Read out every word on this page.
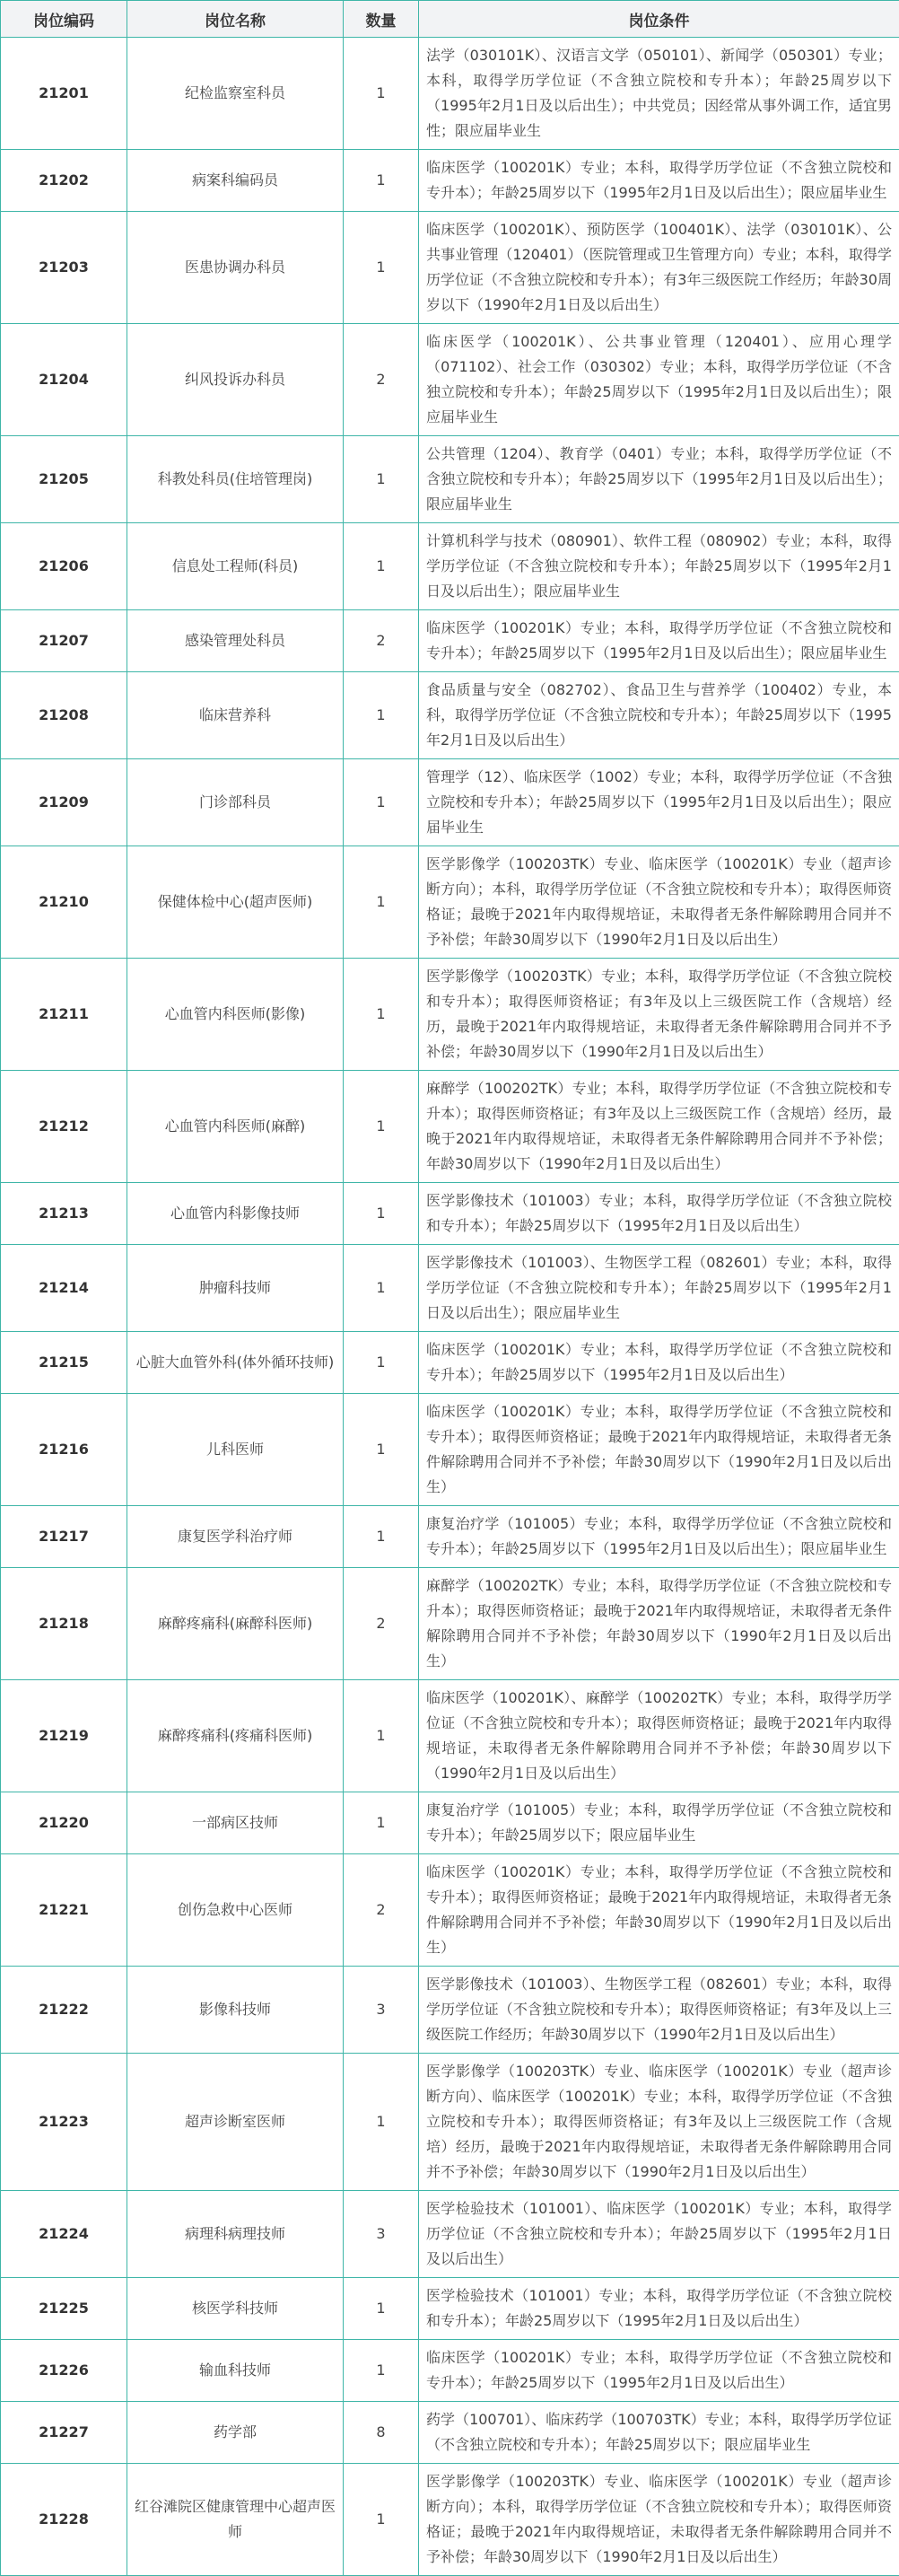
岗位编码	岗位名称	数量	岗位条件
21201	纪检监察室科员	1	法学（030101K）、汉语言文学（050101）、新闻学（050301）专业；本科，取得学历学位证（不含独立院校和专升本）；年龄25周岁以下（1995年2月1日及以后出生）；中共党员；因经常从事外调工作，适宜男性；限应届毕业生
21202	病案科编码员	1	临床医学（100201K）专业；本科，取得学历学位证（不含独立院校和专升本）；年龄25周岁以下（1995年2月1日及以后出生）；限应届毕业生
21203	医患协调办科员	1	临床医学（100201K）、预防医学（100401K）、法学（030101K）、公共事业管理（120401）（医院管理或卫生管理方向）专业；本科，取得学历学位证（不含独立院校和专升本）；有3年三级医院工作经历；年龄30周岁以下（1990年2月1日及以后出生）
21204	纠风投诉办科员	2	临床医学（100201K）、公共事业管理（120401）、应用心理学（071102）、社会工作（030302）专业；本科，取得学历学位证（不含独立院校和专升本）；年龄25周岁以下（1995年2月1日及以后出生）；限应届毕业生
21205	科教处科员(住培管理岗)	1	公共管理（1204）、教育学（0401）专业；本科，取得学历学位证（不含独立院校和专升本）；年龄25周岁以下（1995年2月1日及以后出生）；限应届毕业生
21206	信息处工程师(科员)	1	计算机科学与技术（080901）、软件工程（080902）专业；本科，取得学历学位证（不含独立院校和专升本）；年龄25周岁以下（1995年2月1日及以后出生）；限应届毕业生
21207	感染管理处科员	2	临床医学（100201K）专业；本科，取得学历学位证（不含独立院校和专升本）；年龄25周岁以下（1995年2月1日及以后出生）；限应届毕业生
21208	临床营养科	1	食品质量与安全（082702）、食品卫生与营养学（100402）专业，本科，取得学历学位证（不含独立院校和专升本）；年龄25周岁以下（1995年2月1日及以后出生）
21209	门诊部科员	1	管理学（12）、临床医学（1002）专业；本科，取得学历学位证（不含独立院校和专升本）；年龄25周岁以下（1995年2月1日及以后出生）；限应届毕业生
21210	保健体检中心(超声医师)	1	医学影像学（100203TK）专业、临床医学（100201K）专业（超声诊断方向）；本科，取得学历学位证（不含独立院校和专升本）；取得医师资格证；最晚于2021年内取得规培证，未取得者无条件解除聘用合同并不予补偿；年龄30周岁以下（1990年2月1日及以后出生）
21211	心血管内科医师(影像)	1	医学影像学（100203TK）专业；本科，取得学历学位证（不含独立院校和专升本）；取得医师资格证；有3年及以上三级医院工作（含规培）经历，最晚于2021年内取得规培证，未取得者无条件解除聘用合同并不予补偿；年龄30周岁以下（1990年2月1日及以后出生）
21212	心血管内科医师(麻醉)	1	麻醉学（100202TK）专业；本科，取得学历学位证（不含独立院校和专升本）；取得医师资格证；有3年及以上三级医院工作（含规培）经历，最晚于2021年内取得规培证，未取得者无条件解除聘用合同并不予补偿；年龄30周岁以下（1990年2月1日及以后出生）
21213	心血管内科影像技师	1	医学影像技术（101003）专业；本科，取得学历学位证（不含独立院校和专升本）；年龄25周岁以下（1995年2月1日及以后出生）
21214	肿瘤科技师	1	医学影像技术（101003）、生物医学工程（082601）专业；本科，取得学历学位证（不含独立院校和专升本）；年龄25周岁以下（1995年2月1日及以后出生）；限应届毕业生
21215	心脏大血管外科(体外循环技师)	1	临床医学（100201K）专业；本科，取得学历学位证（不含独立院校和专升本）；年龄25周岁以下（1995年2月1日及以后出生）
21216	儿科医师	1	临床医学（100201K）专业；本科，取得学历学位证（不含独立院校和专升本）；取得医师资格证；最晚于2021年内取得规培证，未取得者无条件解除聘用合同并不予补偿；年龄30周岁以下（1990年2月1日及以后出生）
21217	康复医学科治疗师	1	康复治疗学（101005）专业；本科，取得学历学位证（不含独立院校和专升本）；年龄25周岁以下（1995年2月1日及以后出生）；限应届毕业生
21218	麻醉疼痛科(麻醉科医师)	2	麻醉学（100202TK）专业；本科，取得学历学位证（不含独立院校和专升本）；取得医师资格证；最晚于2021年内取得规培证，未取得者无条件解除聘用合同并不予补偿；年龄30周岁以下（1990年2月1日及以后出生）
21219	麻醉疼痛科(疼痛科医师)	1	临床医学（100201K）、麻醉学（100202TK）专业；本科，取得学历学位证（不含独立院校和专升本）；取得医师资格证；最晚于2021年内取得规培证，未取得者无条件解除聘用合同并不予补偿；年龄30周岁以下（1990年2月1日及以后出生）
21220	一部病区技师	1	康复治疗学（101005）专业；本科，取得学历学位证（不含独立院校和专升本）；年龄25周岁以下；限应届毕业生
21221	创伤急救中心医师	2	临床医学（100201K）专业；本科，取得学历学位证（不含独立院校和专升本）；取得医师资格证；最晚于2021年内取得规培证，未取得者无条件解除聘用合同并不予补偿；年龄30周岁以下（1990年2月1日及以后出生）
21222	影像科技师	3	医学影像技术（101003）、生物医学工程（082601）专业；本科，取得学历学位证（不含独立院校和专升本）；取得医师资格证；有3年及以上三级医院工作经历；年龄30周岁以下（1990年2月1日及以后出生）
21223	超声诊断室医师	1	医学影像学（100203TK）专业、临床医学（100201K）专业（超声诊断方向）、临床医学（100201K）专业；本科，取得学历学位证（不含独立院校和专升本）；取得医师资格证；有3年及以上三级医院工作（含规培）经历，最晚于2021年内取得规培证，未取得者无条件解除聘用合同并不予补偿；年龄30周岁以下（1990年2月1日及以后出生）
21224	病理科病理技师	3	医学检验技术（101001）、临床医学（100201K）专业；本科，取得学历学位证（不含独立院校和专升本）；年龄25周岁以下（1995年2月1日及以后出生）
21225	核医学科技师	1	医学检验技术（101001）专业；本科，取得学历学位证（不含独立院校和专升本）；年龄25周岁以下（1995年2月1日及以后出生）
21226	输血科技师	1	临床医学（100201K）专业；本科，取得学历学位证（不含独立院校和专升本）；年龄25周岁以下（1995年2月1日及以后出生）
21227	药学部	8	药学（100701）、临床药学（100703TK）专业；本科，取得学历学位证（不含独立院校和专升本）；年龄25周岁以下；限应届毕业生
21228	红谷滩院区健康管理中心超声医师	1	医学影像学（100203TK）专业、临床医学（100201K）专业（超声诊断方向）；本科，取得学历学位证（不含独立院校和专升本）；取得医师资格证；最晚于2021年内取得规培证，未取得者无条件解除聘用合同并不予补偿；年龄30周岁以下（1990年2月1日及以后出生）
